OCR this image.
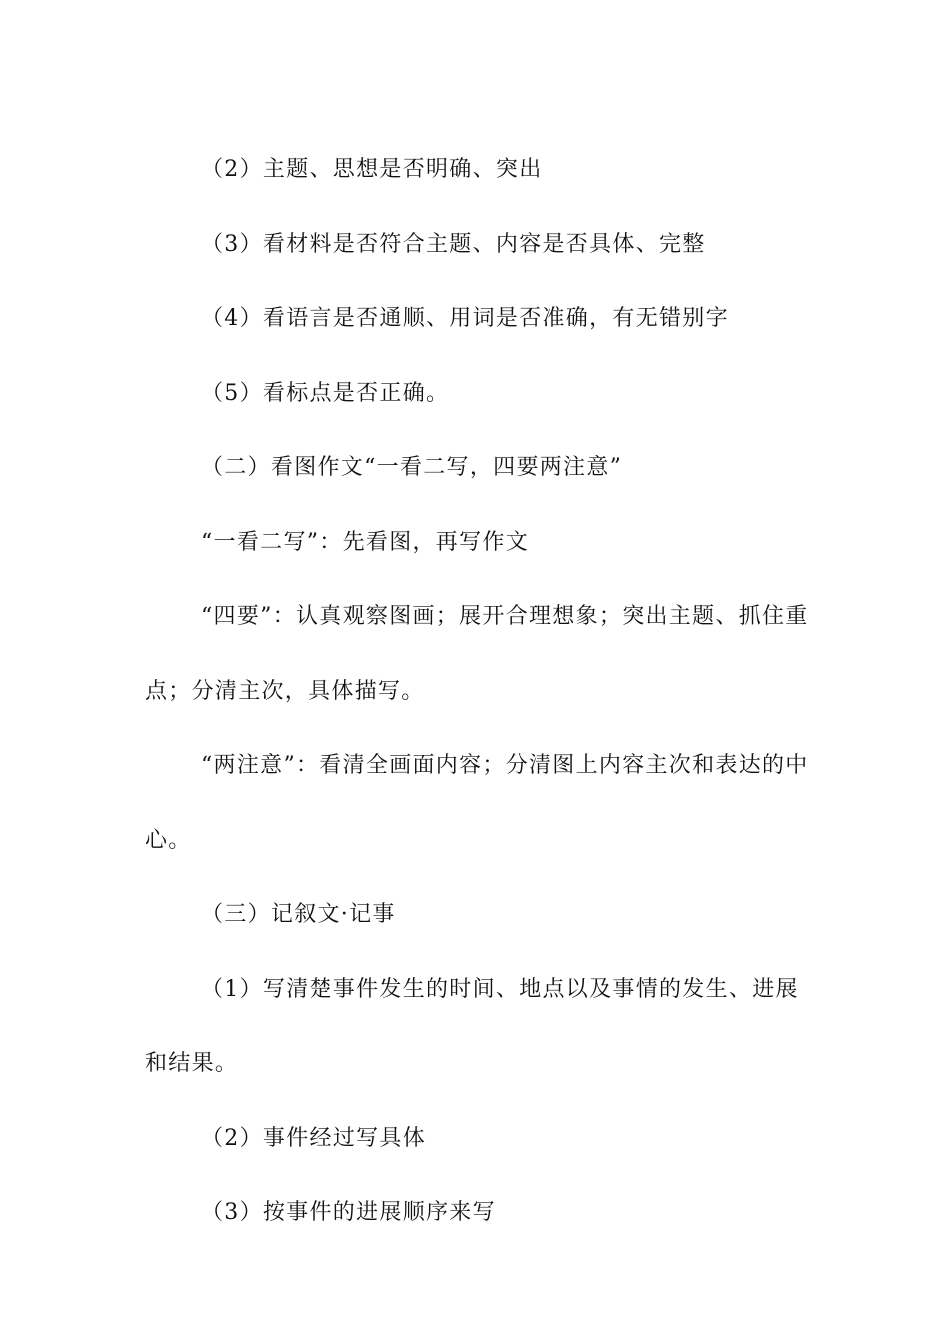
（2）主题、思想是否明确、突出

（3）看材料是否符合主题、内容是否具体、完整

（4）看语言是否通顺、用词是否准确，有无错别字

（5）看标点是否正确。

（二）看图作文“一看二写，四要两注意”

“一看二写”：先看图，再写作文

“四要”：认真观察图画；展开合理想象；突出主题、抓住重点；分清主次，具体描写。

“两注意”：看清全画面内容；分清图上内容主次和表达的中心。

（三）记叙文·记事

（1）写清楚事件发生的时间、地点以及事情的发生、进展和结果。

（2）事件经过写具体

（3）按事件的进展顺序来写
